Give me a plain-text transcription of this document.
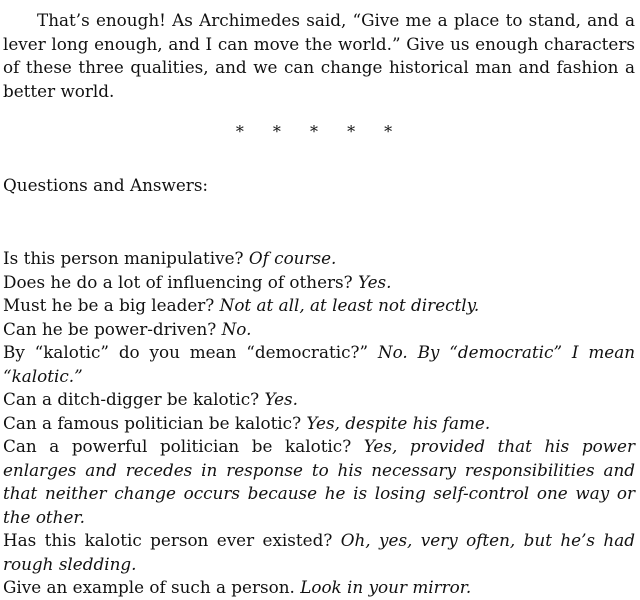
That’s enough! As Archimedes said, “Give me a place to stand, and a lever long enough, and I can move the world.” Give us enough characters of these three qualities, and we can change historical man and fashion a better world.

* * * * *
Questions and Answers:

Is this person manipulative? Of course.

Does he do a lot of influencing of others? Yes.

Must he be a big leader? Not at all, at least not directly.

Can he be power-driven? No.

By “kalotic” do you mean “democratic?” No. By “democratic” I mean “kalotic.”

Can a ditch-digger be kalotic? Yes.

Can a famous politician be kalotic? Yes, despite his fame.

Can a powerful politician be kalotic? Yes, provided that his power enlarges and recedes in response to his necessary responsibilities and that neither change occurs because he is losing self-control one way or the other.

Has this kalotic person ever existed? Oh, yes, very often, but he’s had rough sledding.

Give an example of such a person. Look in your mirror.
